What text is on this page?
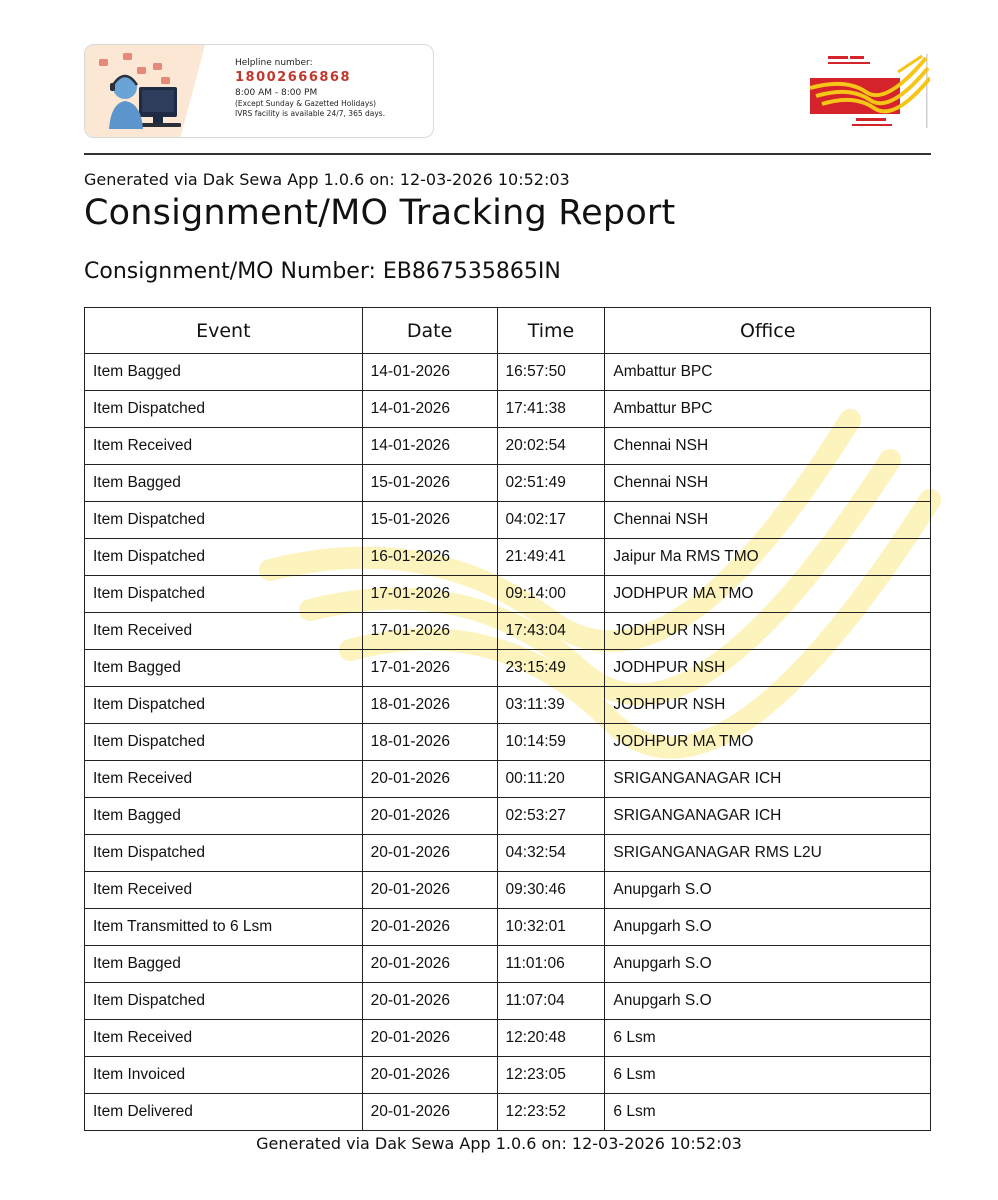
Helpline number:
18002666868
8:00 AM - 8:00 PM
(Except Sunday & Gazetted Holidays)
IVRS facility is available 24/7, 365 days.
Generated via Dak Sewa App 1.0.6 on: 12-03-2026 10:52:03
Consignment/MO Tracking Report
Consignment/MO Number: EB867535865IN
Event	Date	Time	Office
Item Bagged	14-01-2026	16:57:50	Ambattur BPC
Item Dispatched	14-01-2026	17:41:38	Ambattur BPC
Item Received	14-01-2026	20:02:54	Chennai NSH
Item Bagged	15-01-2026	02:51:49	Chennai NSH
Item Dispatched	15-01-2026	04:02:17	Chennai NSH
Item Dispatched	16-01-2026	21:49:41	Jaipur Ma RMS TMO
Item Dispatched	17-01-2026	09:14:00	JODHPUR MA TMO
Item Received	17-01-2026	17:43:04	JODHPUR NSH
Item Bagged	17-01-2026	23:15:49	JODHPUR NSH
Item Dispatched	18-01-2026	03:11:39	JODHPUR NSH
Item Dispatched	18-01-2026	10:14:59	JODHPUR MA TMO
Item Received	20-01-2026	00:11:20	SRIGANGANAGAR ICH
Item Bagged	20-01-2026	02:53:27	SRIGANGANAGAR ICH
Item Dispatched	20-01-2026	04:32:54	SRIGANGANAGAR RMS L2U
Item Received	20-01-2026	09:30:46	Anupgarh S.O
Item Transmitted to 6 Lsm	20-01-2026	10:32:01	Anupgarh S.O
Item Bagged	20-01-2026	11:01:06	Anupgarh S.O
Item Dispatched	20-01-2026	11:07:04	Anupgarh S.O
Item Received	20-01-2026	12:20:48	6 Lsm
Item Invoiced	20-01-2026	12:23:05	6 Lsm
Item Delivered	20-01-2026	12:23:52	6 Lsm
Generated via Dak Sewa App 1.0.6 on: 12-03-2026 10:52:03
